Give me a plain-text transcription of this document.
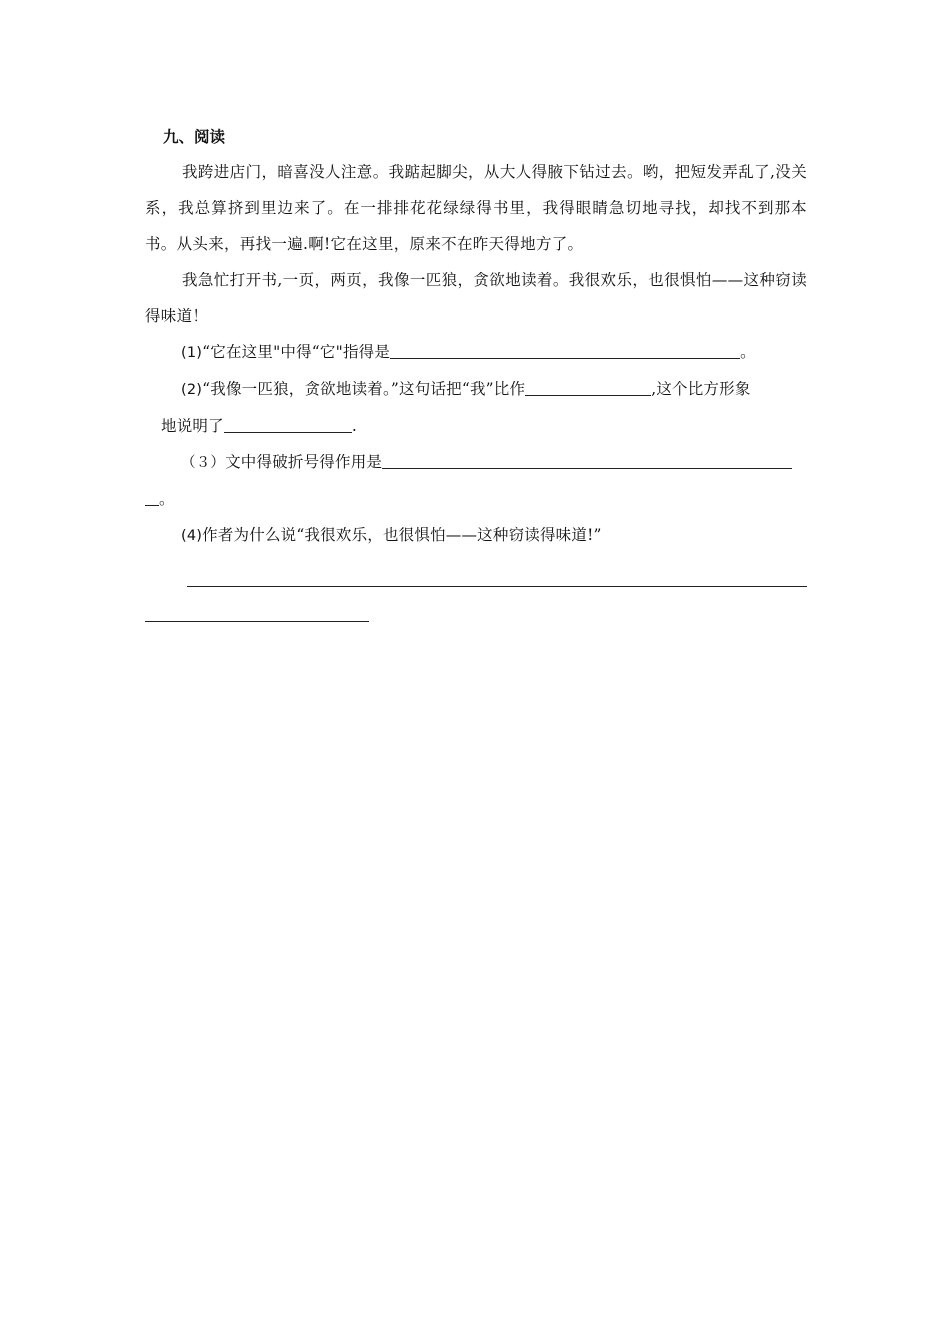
九、阅读

我跨进店门，暗喜没人注意。我踮起脚尖，从大人得腋下钻过去。哟，把短发弄乱了,没关系，我总算挤到里边来了。在一排排花花绿绿得书里，我得眼睛急切地寻找，却找不到那本书。从头来，再找一遍.啊!它在这里，原来不在昨天得地方了。

我急忙打开书,一页，两页，我像一匹狼，贪欲地读着。我很欢乐，也很惧怕——这种窃读得味道！

(1)“它在这里"中得“它"指得是	。

(2)“我像一匹狼，贪欲地读着。”这句话把“我”比作	,这个比方形象

地说明了	.

（３）文中得破折号得作用是

。

(4)作者为什么说“我很欢乐，也很惧怕——这种窃读得味道!”
